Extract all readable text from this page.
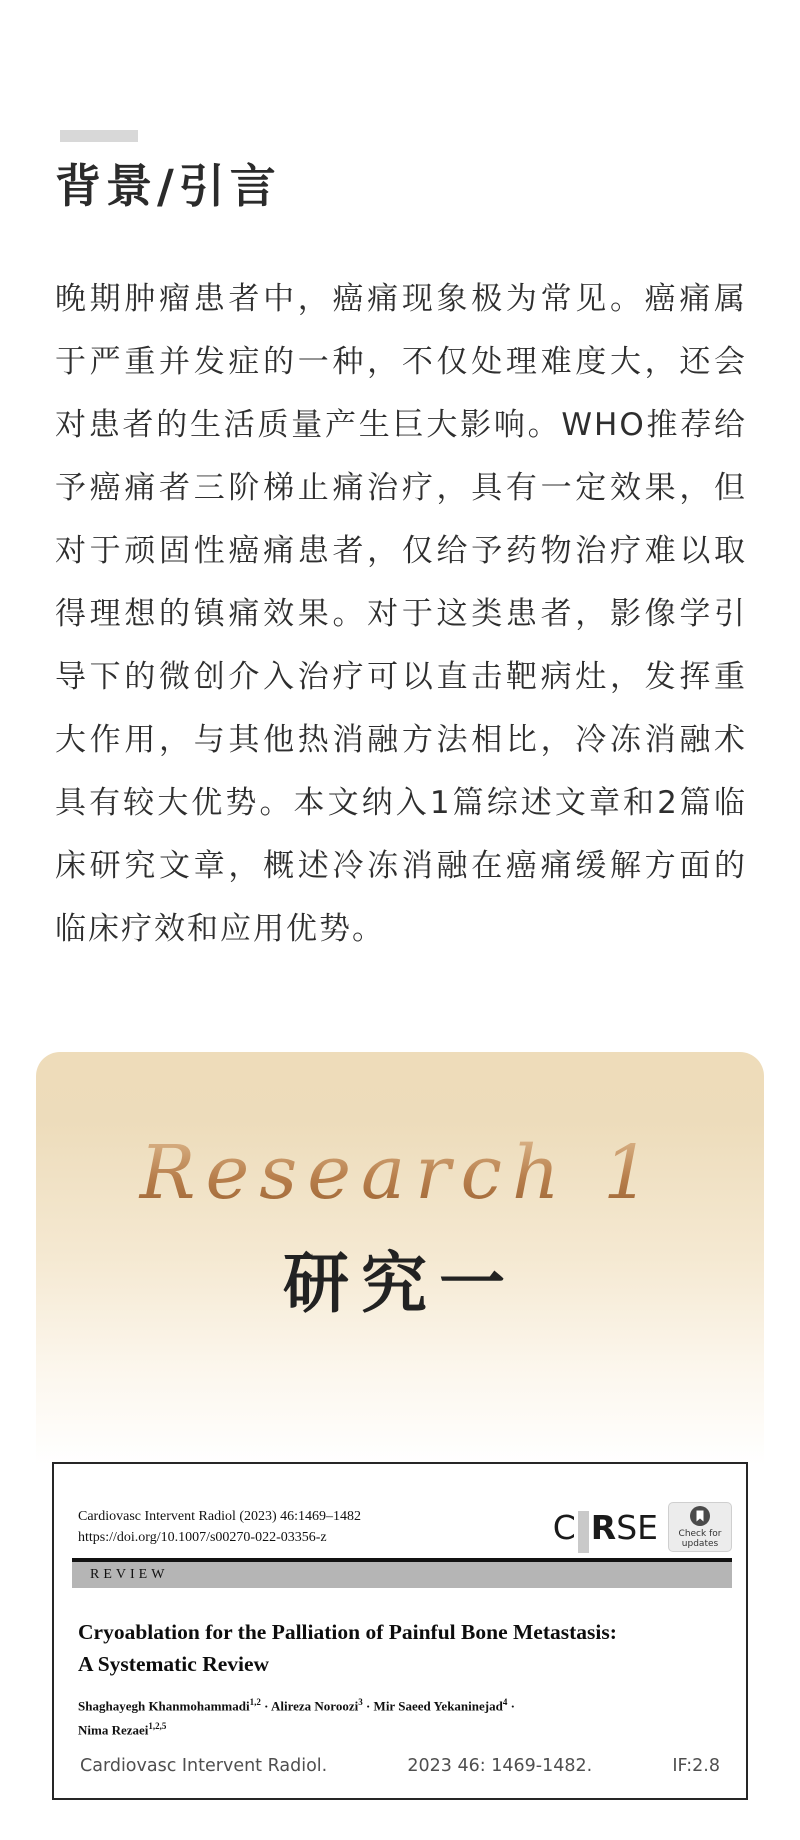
背景/引言

晚期肿瘤患者中，癌痛现象极为常见。癌痛属于严重并发症的一种，不仅处理难度大，还会对患者的生活质量产生巨大影响。WHO推荐给予癌痛者三阶梯止痛治疗，具有一定效果，但对于顽固性癌痛患者，仅给予药物治疗难以取得理想的镇痛效果。对于这类患者，影像学引导下的微创介入治疗可以直击靶病灶，发挥重大作用，与其他热消融方法相比，冷冻消融术具有较大优势。本文纳入1篇综述文章和2篇临床研究文章，概述冷冻消融在癌痛缓解方面的临床疗效和应用优势。

Research 1
研究一
Cardiovasc Intervent Radiol (2023) 46:1469–1482
https://doi.org/10.1007/s00270-022-03356-z	C R SE Check for
updates
REVIEW
Cryoablation for the Palliation of Painful Bone Metastasis:
A Systematic Review
Shaghayegh Khanmohammadi$^{1,2}$ · Alireza Noroozi$^3$ · Mir Saeed Yekaninejad$^4$ ·
Nima Rezaei$^{1,2,5}$
Cardiovasc Intervent Radiol.	2023 46: 1469-1482.	IF:2.8
